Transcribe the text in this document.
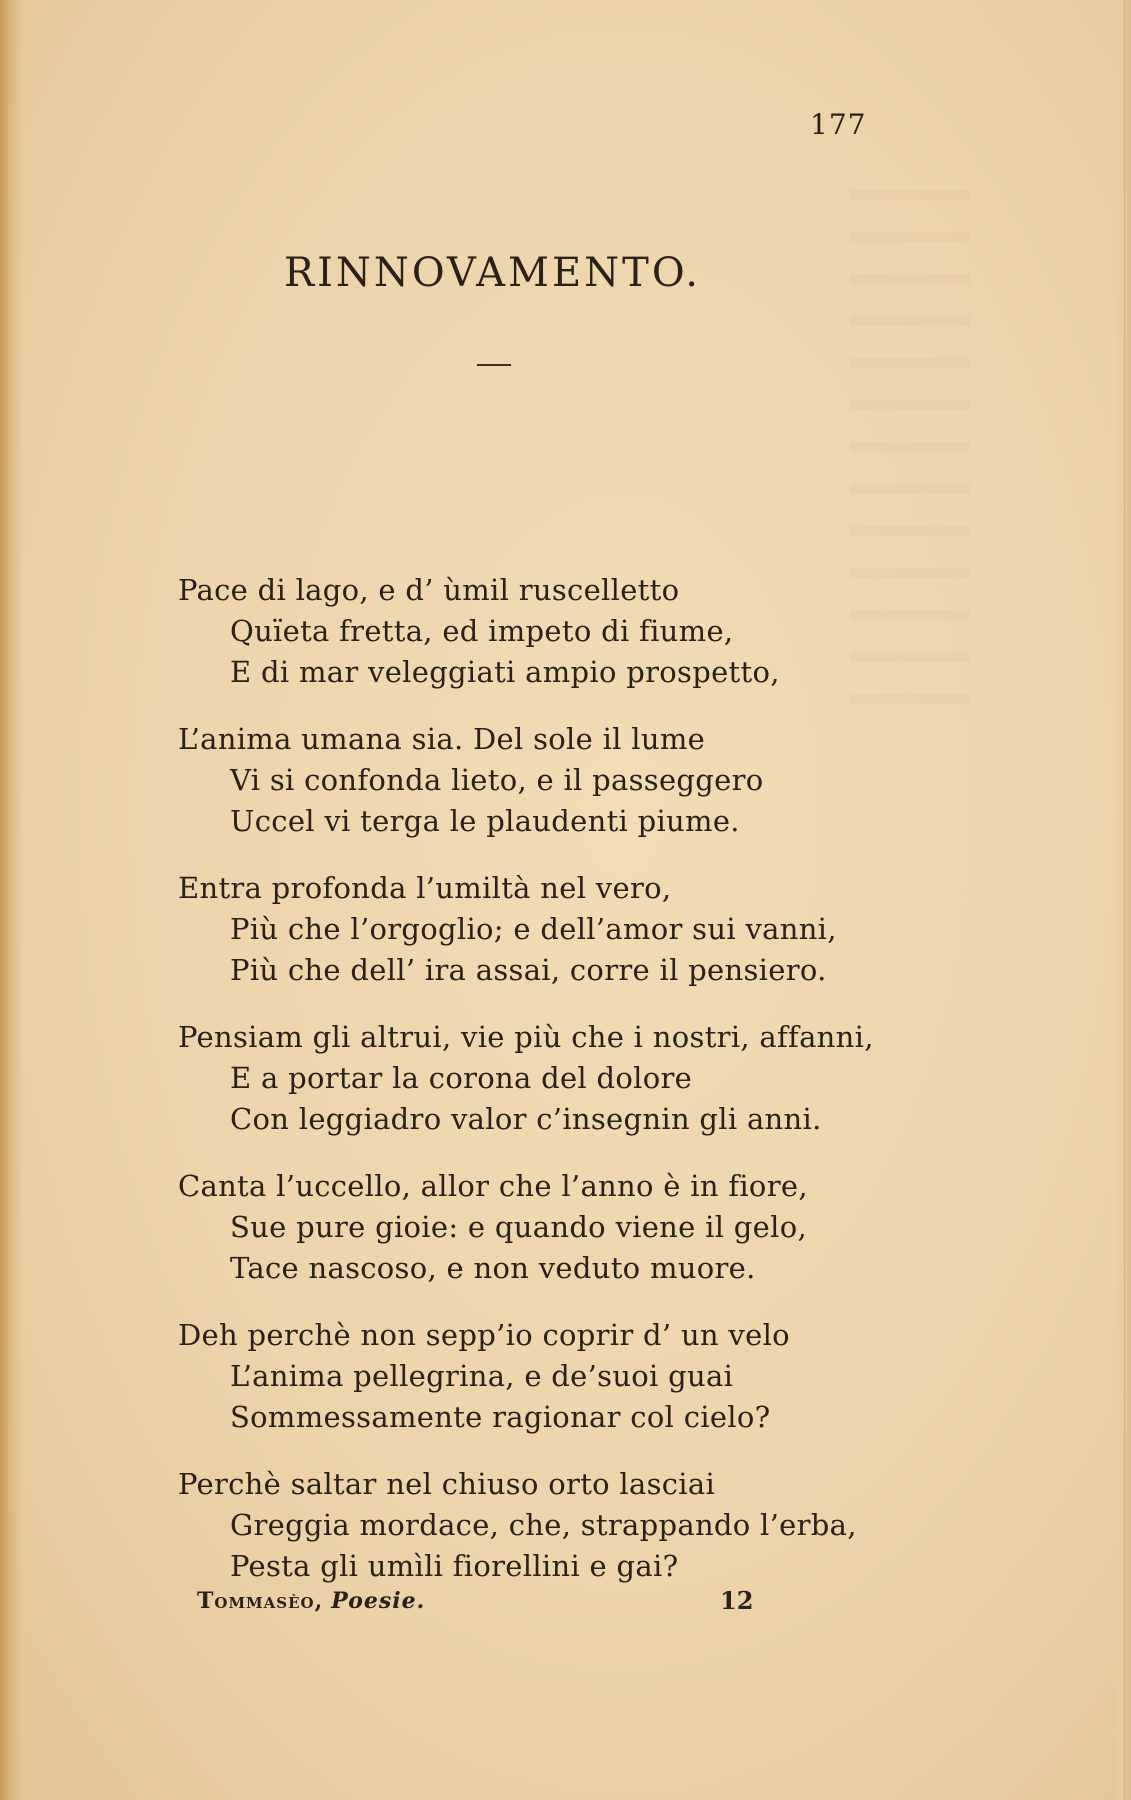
177
RINNOVAMENTO.
Pace di lago, e d’ ùmil ruscelletto
Quïeta fretta, ed impeto di fiume,
E di mar veleggiati ampio prospetto,
L’anima umana sia. Del sole il lume
Vi si confonda lieto, e il passeggero
Uccel vi terga le plaudenti piume.
Entra profonda l’umiltà nel vero,
Più che l’orgoglio; e dell’amor sui vanni,
Più che dell’ ira assai, corre il pensiero.
Pensiam gli altrui, vie più che i nostri, affanni,
E a portar la corona del dolore
Con leggiadro valor c’insegnin gli anni.
Canta l’uccello, allor che l’anno è in fiore,
Sue pure gioie: e quando viene il gelo,
Tace nascoso, e non veduto muore.
Deh perchè non sepp’io coprir d’ un velo
L’anima pellegrina, e de’suoi guai
Sommessamente ragionar col cielo?
Perchè saltar nel chiuso orto lasciai
Greggia mordace, che, strappando l’erba,
Pesta gli umìli fiorellini e gai?
Tommasèo, Poesie.	12
